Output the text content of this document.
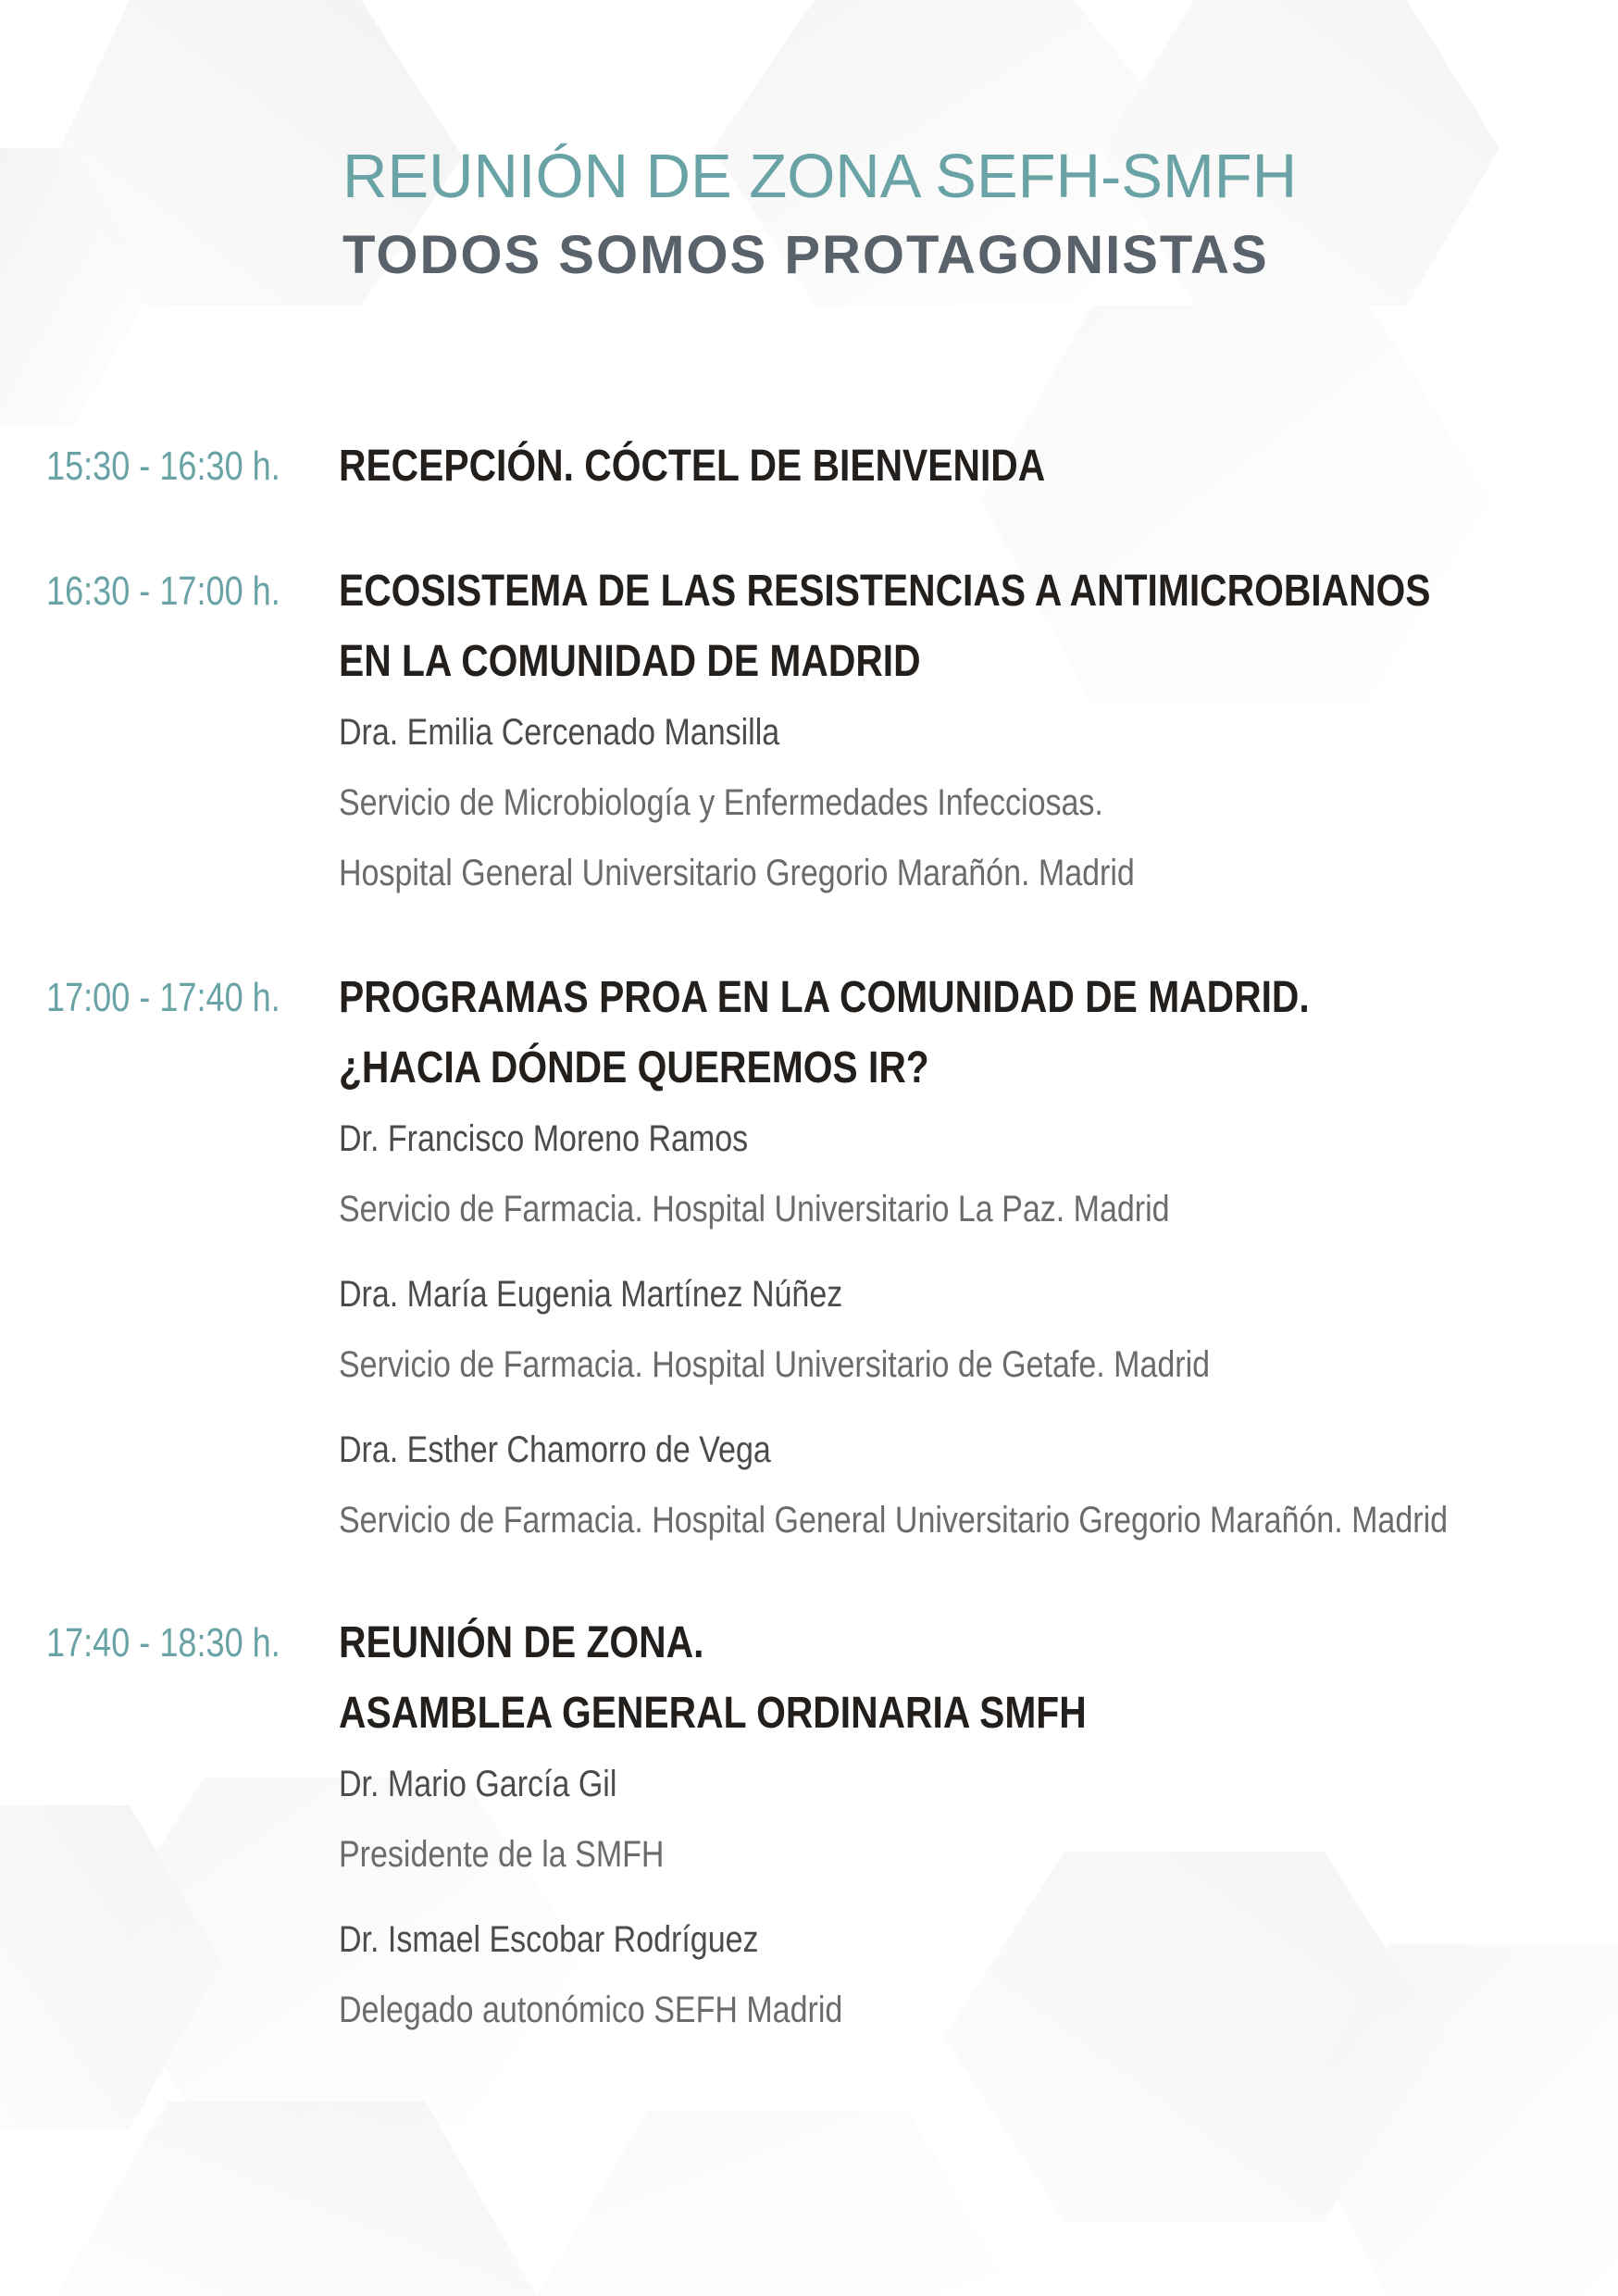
REUNIÓN DE ZONA SEFH-SMFH
TODOS SOMOS PROTAGONISTAS
15:30 - 16:30 h. RECEPCIÓN. CÓCTEL DE BIENVENIDA
16:30 - 17:00 h. ECOSISTEMA DE LAS RESISTENCIAS A ANTIMICROBIANOS
EN LA COMUNIDAD DE MADRID
Dra. Emilia Cercenado Mansilla
Servicio de Microbiología y Enfermedades Infecciosas.
Hospital General Universitario Gregorio Marañón. Madrid
17:00 - 17:40 h. PROGRAMAS PROA EN LA COMUNIDAD DE MADRID.
¿HACIA DÓNDE QUEREMOS IR?
Dr. Francisco Moreno Ramos
Servicio de Farmacia. Hospital Universitario La Paz. Madrid
Dra. María Eugenia Martínez Núñez
Servicio de Farmacia. Hospital Universitario de Getafe. Madrid
Dra. Esther Chamorro de Vega
Servicio de Farmacia. Hospital General Universitario Gregorio Marañón. Madrid
17:40 - 18:30 h. REUNIÓN DE ZONA.
ASAMBLEA GENERAL ORDINARIA SMFH
Dr. Mario García Gil
Presidente de la SMFH
Dr. Ismael Escobar Rodríguez
Delegado autonómico SEFH Madrid
